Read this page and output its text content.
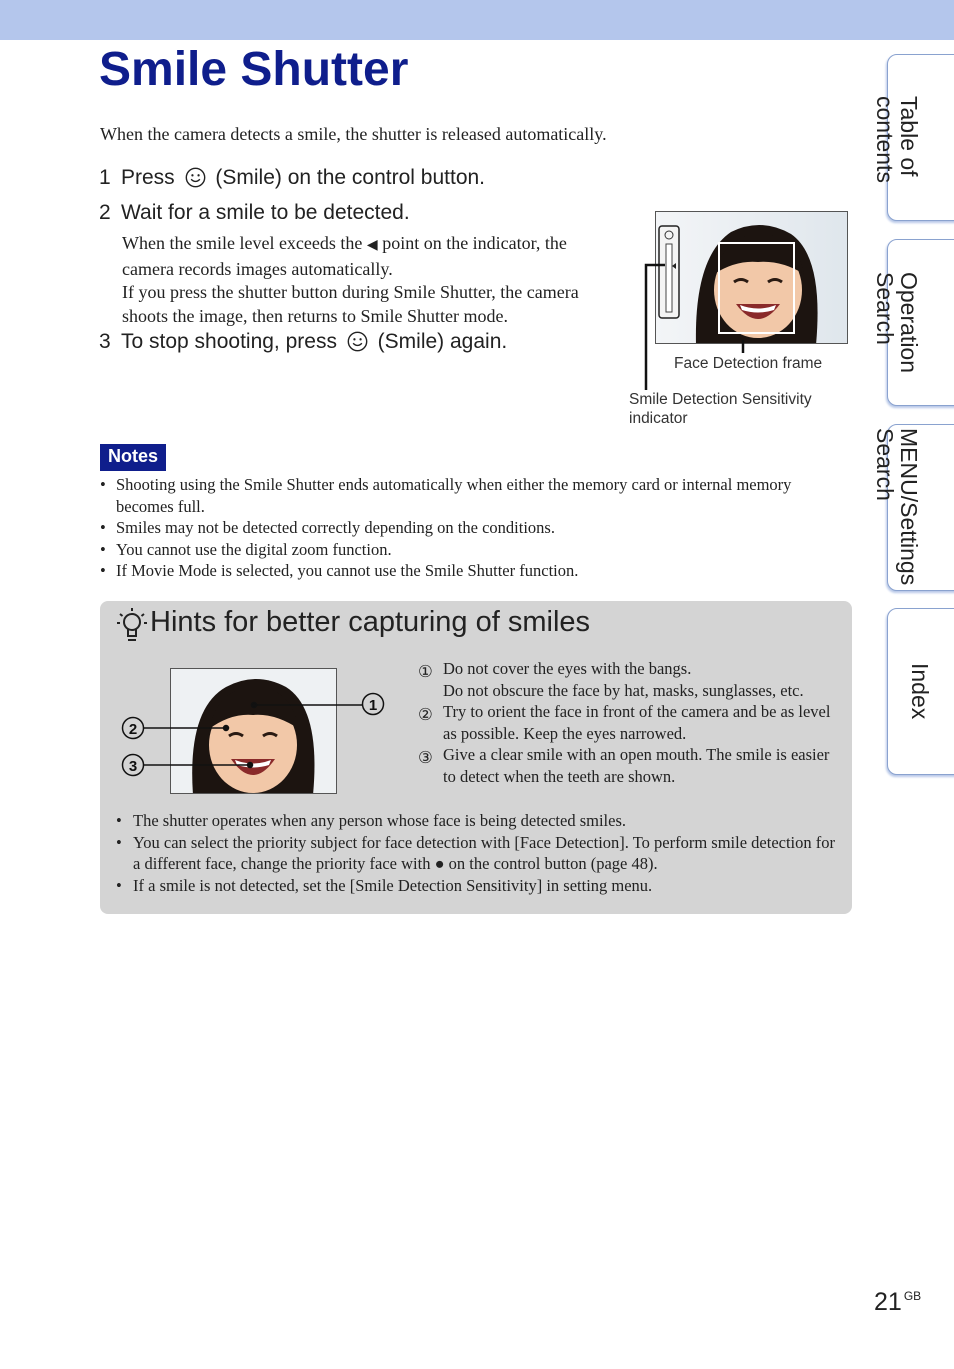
Smile Shutter
When the camera detects a smile, the shutter is released automatically.
1 Press (Smile) on the control button.
2 Wait for a smile to be detected.
When the smile level exceeds the ◀ point on the indicator, the camera records images automatically.
If you press the shutter button during Smile Shutter, the camera shoots the image, then returns to Smile Shutter mode.
3 To stop shooting, press (Smile) again.
Face Detection frame
Smile Detection Sensitivity
indicator
Notes
• Shooting using the Smile Shutter ends automatically when either the memory card or internal memory becomes full.
• Smiles may not be detected correctly depending on the conditions.
• You cannot use the digital zoom function.
• If Movie Mode is selected, you cannot use the Smile Shutter function.
Hints for better capturing of smiles
1
2
3
① Do not cover the eyes with the bangs.
Do not obscure the face by hat, masks, sunglasses, etc.
② Try to orient the face in front of the camera and be as level as possible. Keep the eyes narrowed.
③ Give a clear smile with an open mouth. The smile is easier to detect when the teeth are shown.
• The shutter operates when any person whose face is being detected smiles.
• You can select the priority subject for face detection with [Face Detection]. To perform smile detection for a different face, change the priority face with ● on the control button (page 48).
• If a smile is not detected, set the [Smile Detection Sensitivity] in setting menu.
Table of
contents
Operation
Search
MENU/Settings
Search
Index
21 $^{GB}$
